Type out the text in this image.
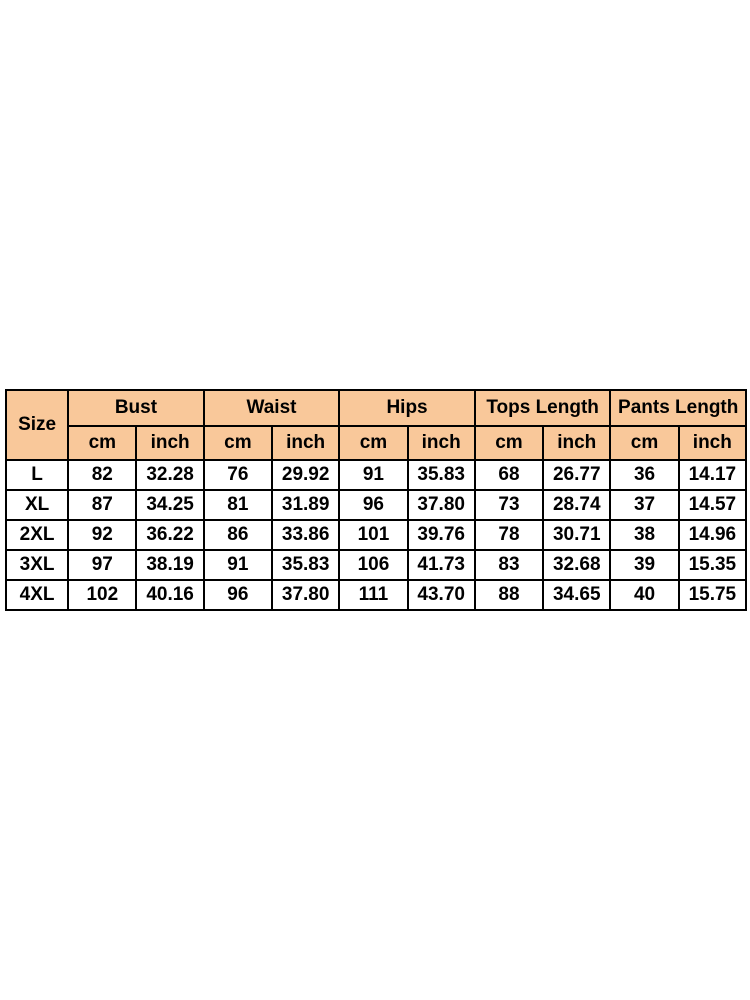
Size	Bust		Waist		Hips		Tops Length		Pants Length	
	cm	inch	cm	inch	cm	inch	cm	inch	cm	inch
L	82	32.28	76	29.92	91	35.83	68	26.77	36	14.17
XL	87	34.25	81	31.89	96	37.80	73	28.74	37	14.57
2XL	92	36.22	86	33.86	101	39.76	78	30.71	38	14.96
3XL	97	38.19	91	35.83	106	41.73	83	32.68	39	15.35
4XL	102	40.16	96	37.80	111	43.70	88	34.65	40	15.75
